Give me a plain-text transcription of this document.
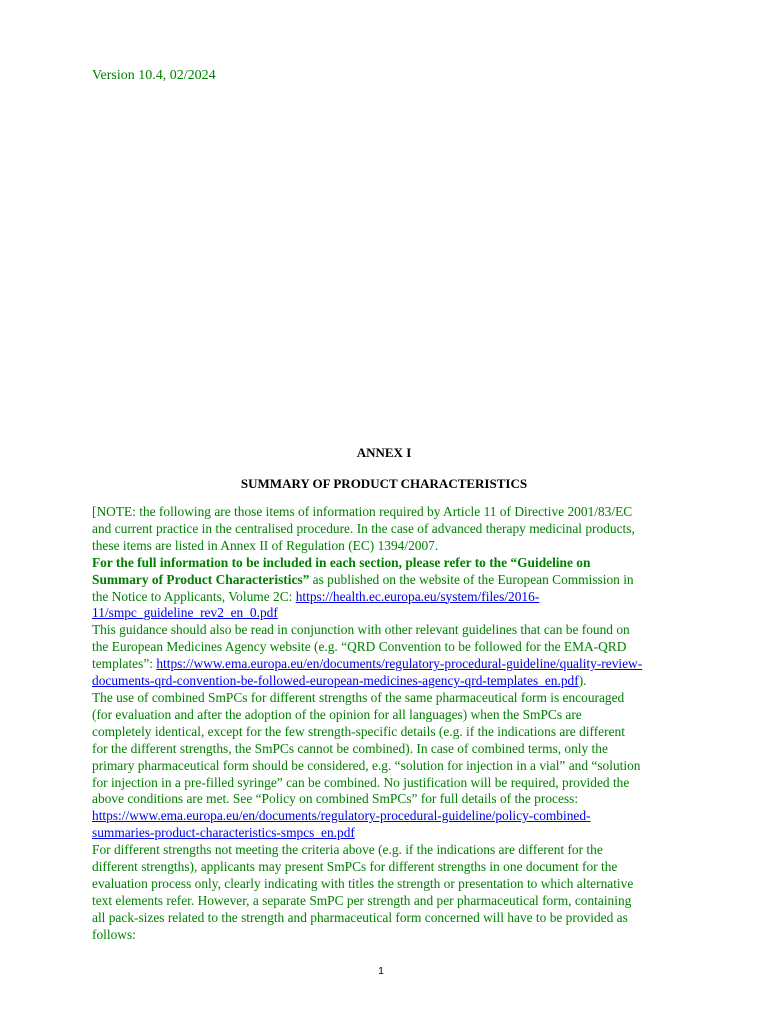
Version 10.4, 02/2024
ANNEX I
SUMMARY OF PRODUCT CHARACTERISTICS
[NOTE: the following are those items of information required by Article 11 of Directive 2001/83/EC
and current practice in the centralised procedure. In the case of advanced therapy medicinal products,
these items are listed in Annex II of Regulation (EC) 1394/2007.
For the full information to be included in each section, please refer to the “Guideline on
Summary of Product Characteristics” as published on the website of the European Commission in
the Notice to Applicants, Volume 2C: https://health.ec.europa.eu/system/files/2016-
11/smpc_guideline_rev2_en_0.pdf
This guidance should also be read in conjunction with other relevant guidelines that can be found on
the European Medicines Agency website (e.g. “QRD Convention to be followed for the EMA-QRD
templates”: https://www.ema.europa.eu/en/documents/regulatory-procedural-guideline/quality-review-
documents-qrd-convention-be-followed-european-medicines-agency-qrd-templates_en.pdf).
The use of combined SmPCs for different strengths of the same pharmaceutical form is encouraged
(for evaluation and after the adoption of the opinion for all languages) when the SmPCs are
completely identical, except for the few strength-specific details (e.g. if the indications are different
for the different strengths, the SmPCs cannot be combined). In case of combined terms, only the
primary pharmaceutical form should be considered, e.g. “solution for injection in a vial” and “solution
for injection in a pre-filled syringe” can be combined. No justification will be required, provided the
above conditions are met. See “Policy on combined SmPCs” for full details of the process:
https://www.ema.europa.eu/en/documents/regulatory-procedural-guideline/policy-combined-
summaries-product-characteristics-smpcs_en.pdf
For different strengths not meeting the criteria above (e.g. if the indications are different for the
different strengths), applicants may present SmPCs for different strengths in one document for the
evaluation process only, clearly indicating with titles the strength or presentation to which alternative
text elements refer. However, a separate SmPC per strength and per pharmaceutical form, containing
all pack-sizes related to the strength and pharmaceutical form concerned will have to be provided as
follows:
1
